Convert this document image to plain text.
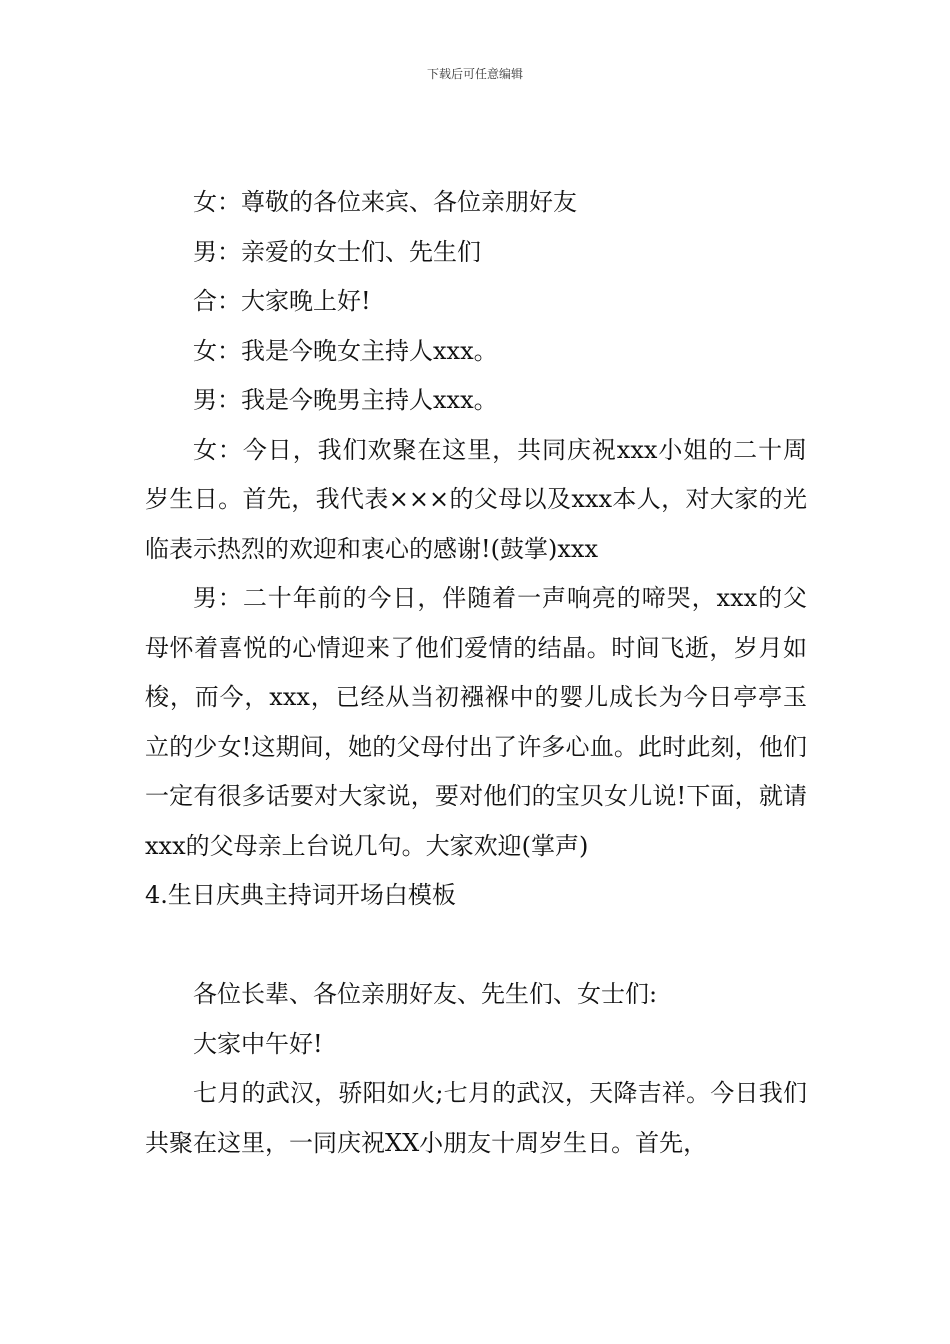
下载后可任意编辑

女：尊敬的各位来宾、各位亲朋好友

男：亲爱的女士们、先生们

合：大家晚上好!

女：我是今晚女主持人xxx。

男：我是今晚男主持人xxx。

女：今日，我们欢聚在这里，共同庆祝xxx小姐的二十周岁生日。首先，我代表×××的父母以及xxx本人，对大家的光临表示热烈的欢迎和衷心的感谢!(鼓掌)xxx

男：二十年前的今日，伴随着一声响亮的啼哭，xxx的父母怀着喜悦的心情迎来了他们爱情的结晶。时间飞逝，岁月如梭，而今，xxx，已经从当初襁褓中的婴儿成长为今日亭亭玉立的少女!这期间，她的父母付出了许多心血。此时此刻，他们一定有很多话要对大家说，要对他们的宝贝女儿说!下面，就请xxx的父母亲上台说几句。大家欢迎(掌声)

4.生日庆典主持词开场白模板

各位长辈、各位亲朋好友、先生们、女士们:

大家中午好!

七月的武汉，骄阳如火;七月的武汉，天降吉祥。今日我们共聚在这里，一同庆祝XX小朋友十周岁生日。首先，
